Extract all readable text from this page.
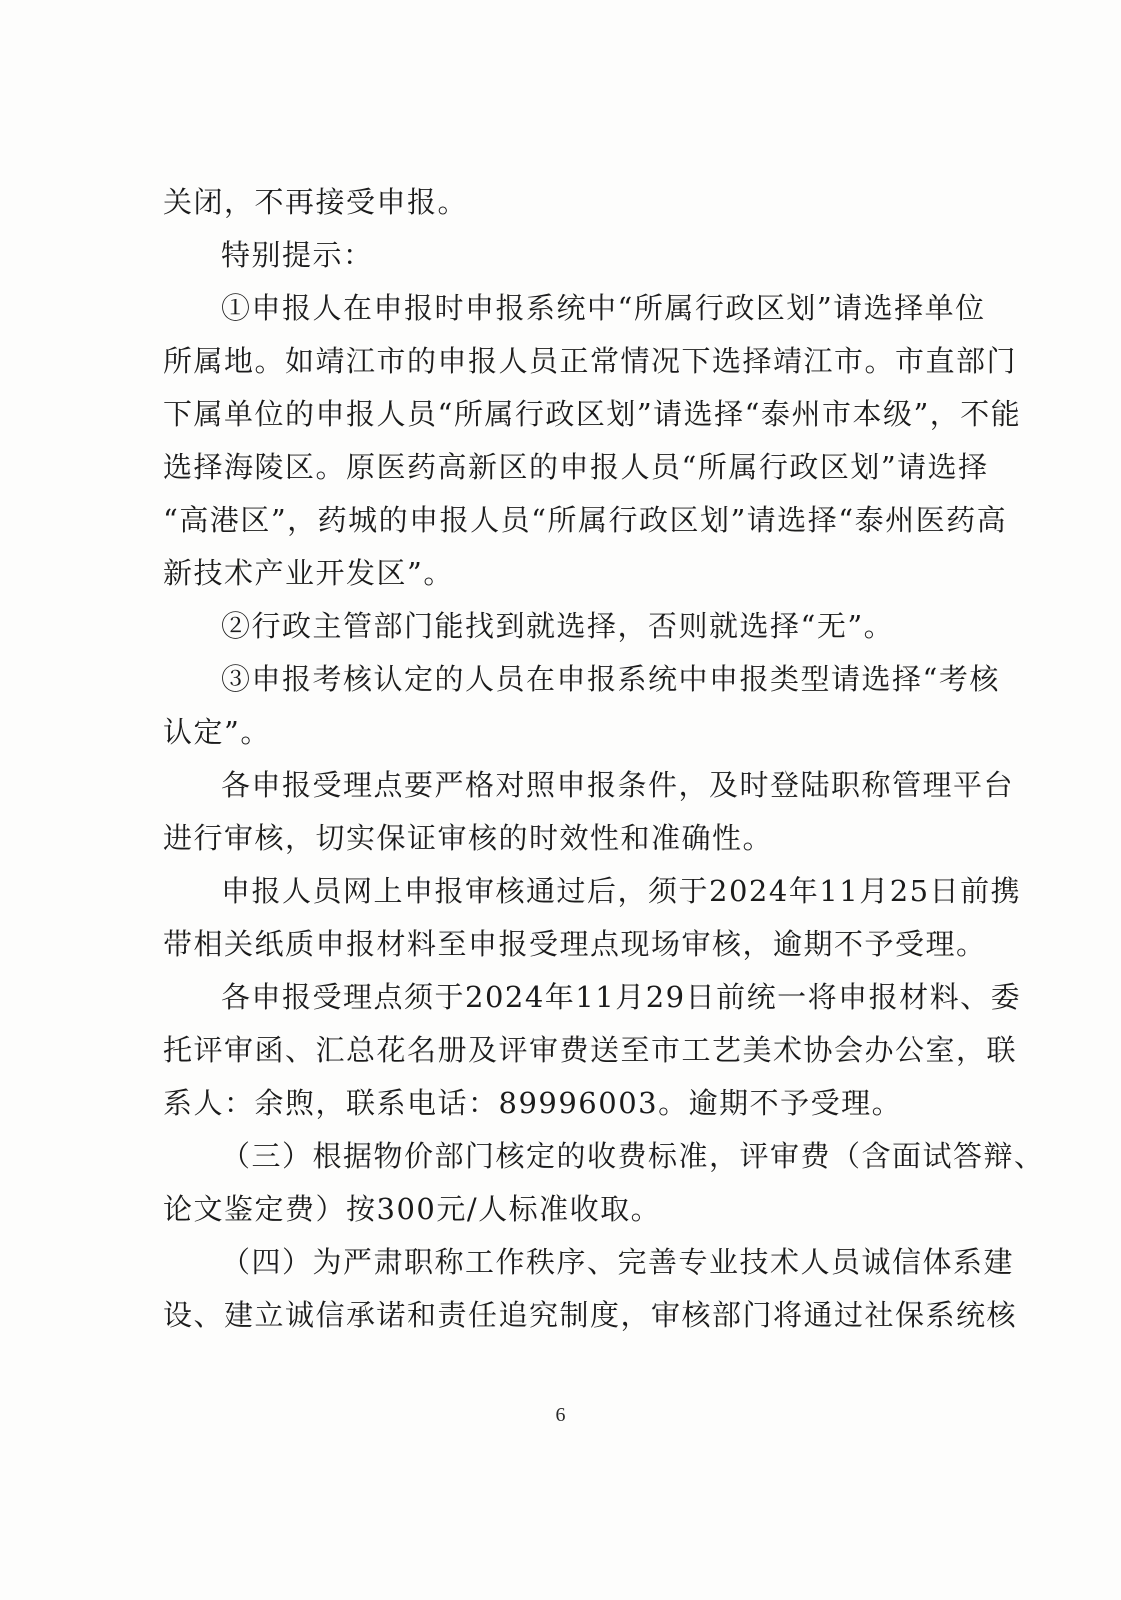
关闭，不再接受申报。
特别提示：
①申报人在申报时申报系统中“所属行政区划”请选择单位
所属地。如靖江市的申报人员正常情况下选择靖江市。市直部门
下属单位的申报人员“所属行政区划”请选择“泰州市本级”，不能
选择海陵区。原医药高新区的申报人员“所属行政区划”请选择
“高港区”，药城的申报人员“所属行政区划”请选择“泰州医药高
新技术产业开发区”。
②行政主管部门能找到就选择，否则就选择“无”。
③申报考核认定的人员在申报系统中申报类型请选择“考核
认定”。
各申报受理点要严格对照申报条件，及时登陆职称管理平台
进行审核，切实保证审核的时效性和准确性。
申报人员网上申报审核通过后，须于2024年11月25日前携
带相关纸质申报材料至申报受理点现场审核，逾期不予受理。
各申报受理点须于2024年11月29日前统一将申报材料、委
托评审函、汇总花名册及评审费送至市工艺美术协会办公室，联
系人：余煦，联系电话：89996003。逾期不予受理。
（三）根据物价部门核定的收费标准，评审费（含面试答辩、
论文鉴定费）按300元/人标准收取。
（四）为严肃职称工作秩序、完善专业技术人员诚信体系建
设、建立诚信承诺和责任追究制度，审核部门将通过社保系统核
6
